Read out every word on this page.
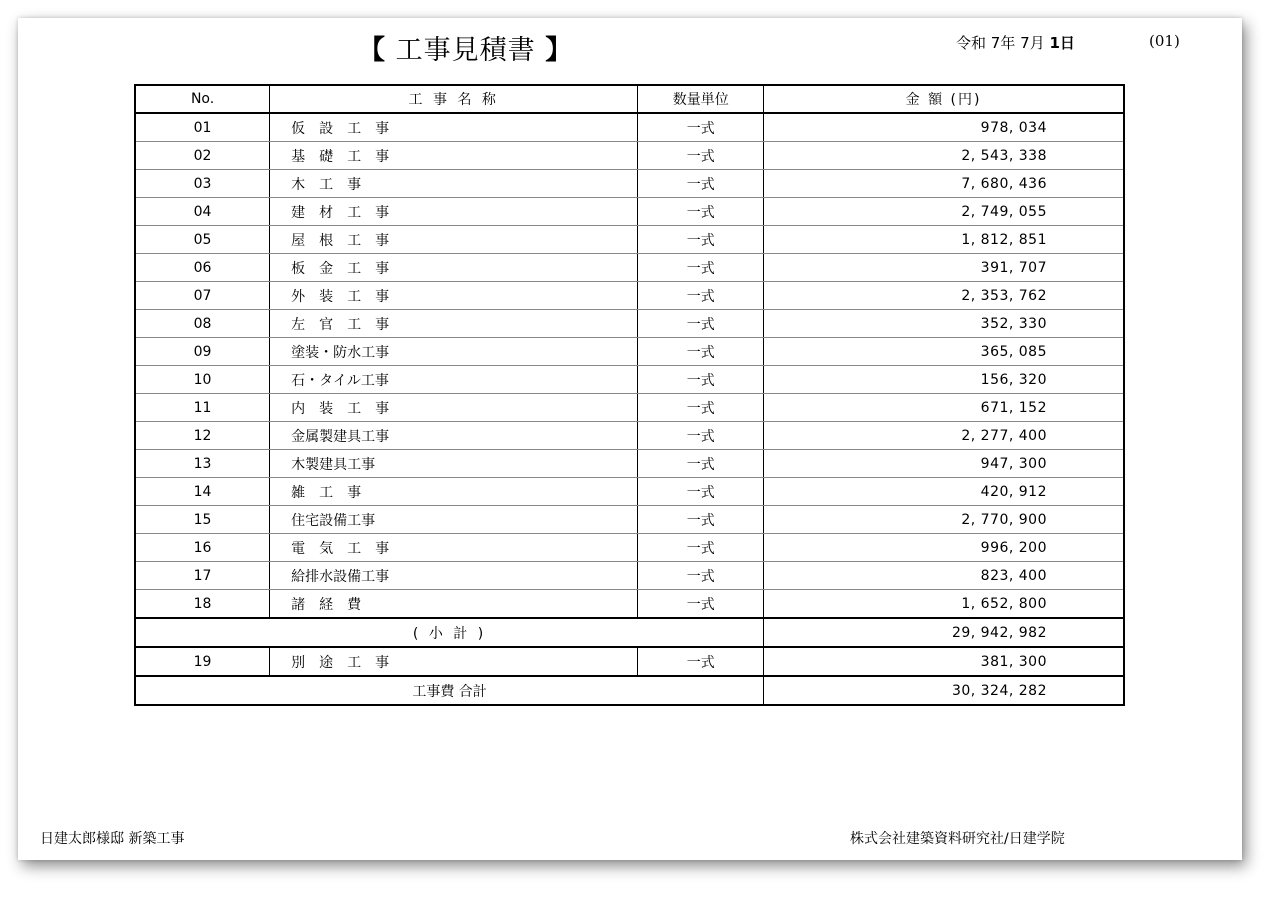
【 工事見積書 】	令和 7年 7月 1日	(01)
No.	工 事 名 称	数量単位	金 額 (円)
01	仮設工事	一式	978, 034
02	基礎工事	一式	2, 543, 338
03	木工事	一式	7, 680, 436
04	建材工事	一式	2, 749, 055
05	屋根工事	一式	1, 812, 851
06	板金工事	一式	391, 707
07	外装工事	一式	2, 353, 762
08	左官工事	一式	352, 330
09	塗装・防水工事	一式	365, 085
10	石・タイル工事	一式	156, 320
11	内装工事	一式	671, 152
12	金属製建具工事	一式	2, 277, 400
13	木製建具工事	一式	947, 300
14	雑工事	一式	420, 912
15	住宅設備工事	一式	2, 770, 900
16	電気工事	一式	996, 200
17	給排水設備工事	一式	823, 400
18	諸経費	一式	1, 652, 800
( 小 計 )			29, 942, 982
19	別途工事	一式	381, 300
工事費 合計			30, 324, 282
日建太郎様邸 新築工事	株式会社建築資料研究社/日建学院
